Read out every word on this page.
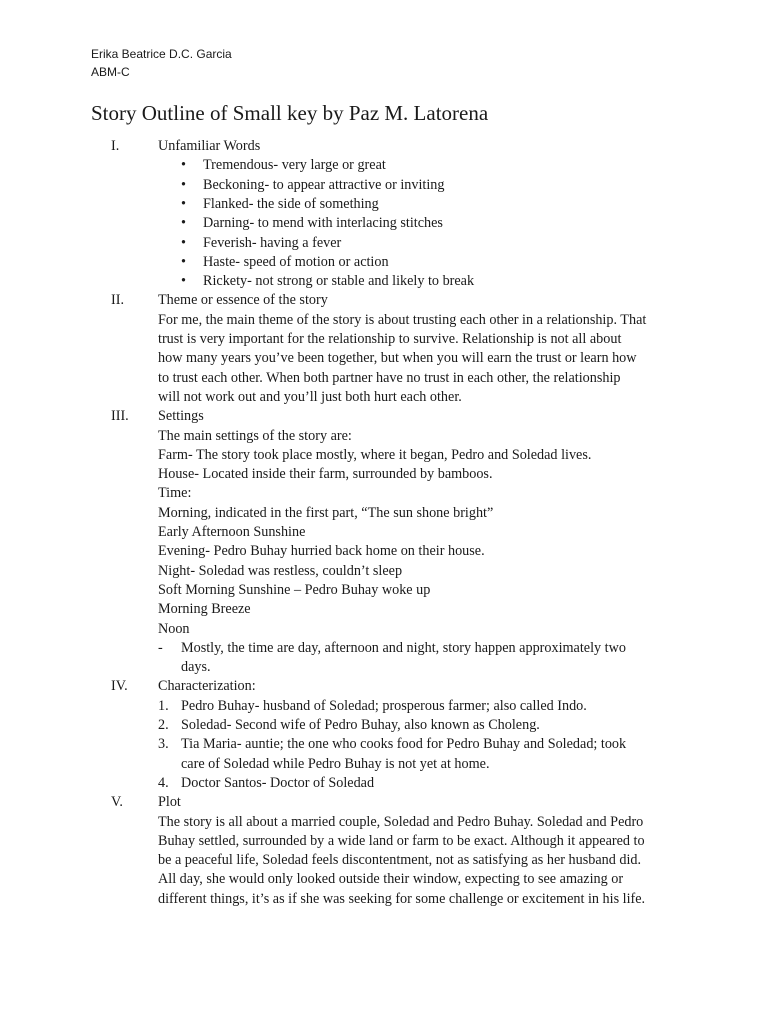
Erika Beatrice D.C. Garcia
ABM-C
Story Outline of Small key by Paz M. Latorena
I.	Unfamiliar Words
• Tremendous- very large or great
• Beckoning- to appear attractive or inviting
• Flanked- the side of something
• Darning- to mend with interlacing stitches
• Feverish- having a fever
• Haste- speed of motion or action
• Rickety- not strong or stable and likely to break
II. Theme or essence of the story
For me, the main theme of the story is about trusting each other in a relationship. That
trust is very important for the relationship to survive. Relationship is not all about
how many years you’ve been together, but when you will earn the trust or learn how
to trust each other. When both partner have no trust in each other, the relationship
will not work out and you’ll just both hurt each other.
III. Settings
The main settings of the story are:
Farm- The story took place mostly, where it began, Pedro and Soledad lives.
House- Located inside their farm, surrounded by bamboos.
Time:
Morning, indicated in the first part, “The sun shone bright”
Early Afternoon Sunshine
Evening- Pedro Buhay hurried back home on their house.
Night- Soledad was restless, couldn’t sleep
Soft Morning Sunshine – Pedro Buhay woke up
Morning Breeze
Noon
- Mostly, the time are day, afternoon and night, story happen approximately two
days.
IV. Characterization:
1. Pedro Buhay- husband of Soledad; prosperous farmer; also called Indo.
2. Soledad- Second wife of Pedro Buhay, also known as Choleng.
3. Tia Maria- auntie; the one who cooks food for Pedro Buhay and Soledad; took
care of Soledad while Pedro Buhay is not yet at home.
4. Doctor Santos- Doctor of Soledad
V. Plot
The story is all about a married couple, Soledad and Pedro Buhay. Soledad and Pedro
Buhay settled, surrounded by a wide land or farm to be exact. Although it appeared to
be a peaceful life, Soledad feels discontentment, not as satisfying as her husband did.
All day, she would only looked outside their window, expecting to see amazing or
different things, it’s as if she was seeking for some challenge or excitement in his life.
